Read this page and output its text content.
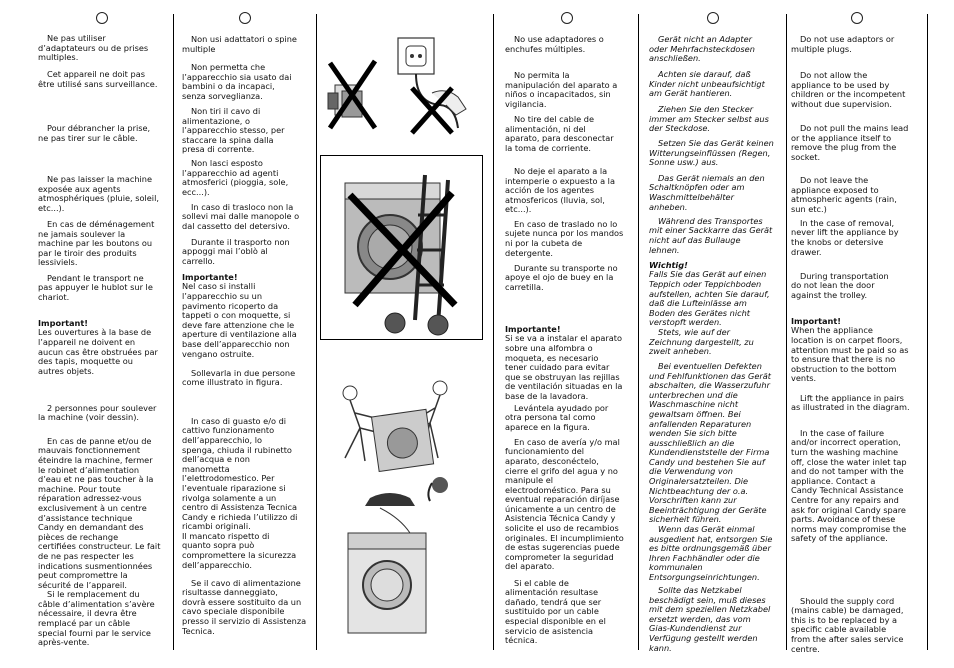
Ne pas utiliser
d’adaptateurs ou de prises
multiples.

Cet appareil ne doit pas
être utilisé sans surveillance.

Pour débrancher la prise,
ne pas tirer sur le câble.

Ne pas laisser la machine
exposée aux agents
atmosphériques (pluie, soleil,
etc...).

En cas de déménagement
ne jamais soulever la
machine par les boutons ou
par le tiroir des produits
lessiviels.

Pendant le transport ne
pas appuyer le hublot sur le
chariot.

Important!
Les ouvertures à la base de
l’appareil ne doivent en
aucun cas être obstruées par
des tapis, moquette ou
autres objets.

2 personnes pour soulever
la machine (voir dessin).

En cas de panne et/ou de
mauvais fonctionnement
éteindre la machine, fermer
le robinet d’alimentation
d’eau et ne pas toucher à la
machine. Pour toute
réparation adressez-vous
exclusivement à un centre
d’assistance technique
Candy en demandant des
pièces de rechange
certifiées constructeur. Le fait
de ne pas respecter les
indications susmentionnées
peut compromettre la
sécurité de l’appareil.

Si le remplacement du
câble d’alimentation s’avère
nécessaire, il devra être
remplacé par un câble
special fourni par le service
après-vente.

Non usi adattatori o spine
multiple

Non permetta che
l’apparecchio sia usato dai
bambini o da incapaci,
senza sorveglianza.

Non tiri il cavo di
alimentazione, o
l’apparecchio stesso, per
staccare la spina dalla
presa di corrente.

Non lasci esposto
l’apparecchio ad agenti
atmosferici (pioggia, sole,
ecc...).

In caso di trasloco non la
sollevi mai dalle manopole o
dal cassetto del detersivo.

Durante il trasporto non
appoggi mai l’oblò al
carrello.

Importante!
Nel caso si installi
l’apparecchio su un
pavimento ricoperto da
tappeti o con moquette, si
deve fare attenzione che le
aperture di ventilazione alla
base dell’apparecchio non
vengano ostruite.

Sollevarla in due persone
come illustrato in figura.

In caso di guasto e/o di
cattivo funzionamento
dell’apparecchio, lo
spenga, chiuda il rubinetto
dell’acqua e non
manometta
l’elettrodomestico. Per
l’eventuale riparazione si
rivolga solamente a un
centro di Assistenza Tecnica
Candy e richieda l’utilizzo di
ricambi originali.
Il mancato rispetto di
quanto sopra può
compromettere la sicurezza
dell’apparecchio.

Se il cavo di alimentazione
risultasse danneggiato,
dovrà essere sostituito da un
cavo speciale disponibile
presso il servizio di Assistenza
Tecnica.

No use adaptadores o
enchufes múltiples.

No permita la
manipulación del aparato a
niños o incapacitados, sin
vigilancia.

No tire del cable de
alimentación, ni del
aparato, para desconectar
la toma de corriente.

No deje el aparato a la
intemperie o expuesto a la
acción de los agentes
atmosfericos (lluvia, sol,
etc...).

En caso de traslado no lo
sujete nunca por los mandos
ni por la cubeta de
detergente.

Durante su transporte no
apoye el ojo de buey en la
carretilla.

Importante!
Si se va a instalar el aparato
sobre una alfombra o
moqueta, es necesario
tener cuidado para evitar
que se obstruyan las rejillas
de ventilación situadas en la
base de la lavadora.

Levántela ayudado por
otra persona tal como
aparece en la figura.

En caso de avería y/o mal
funcionamiento del
aparato, desconéctelo,
cierre el grifo del agua y no
manipule el
electrodoméstico. Para su
eventual reparación diríjase
únicamente a un centro de
Asistencia Técnica Candy y
solicite el uso de recambios
originales. El incumplimiento
de estas sugerencias puede
comprometer la seguridad
del aparato.

Si el cable de
alimentación resultase
dañado, tendrá que ser
sustituido por un cable
especial disponible en el
servicio de asistencia
técnica.

Gerät nicht an Adapter
oder Mehrfachsteckdosen
anschließen.

Achten sie darauf, daß
Kinder nicht unbeaufsichtigt
am Gerät hantieren.

Ziehen Sie den Stecker
immer am Stecker selbst aus
der Steckdose.

Setzen Sie das Gerät keinen
Witterungseinflüssen (Regen,
Sonne usw.) aus.

Das Gerät niemals an den
Schaltknöpfen oder am
Waschmittelbehälter
anheben.

Während des Transportes
mit einer Sackkarre das Gerät
nicht auf das Bullauge
lehnen.

Wichtig!
Falls Sie das Gerät auf einen
Teppich oder Teppichboden
aufstellen, achten Sie darauf,
daß die Luftеinlässe am
Boden des Gerätes nicht
verstopft werden.

Stets, wie auf der
Zeichnung dargestellt, zu
zweit anheben.

Bei eventuellen Defekten
und Fehlfunktionen das Gerät
abschalten, die Wasserzufuhr
unterbrechen und die
Waschmaschine nicht
gewaltsam öffnen. Bei
anfallenden Reparaturen
wenden Sie sich bitte
ausschließlich an die
Kundendienststelle der Firma
Candy und bestehen Sie auf
die Verwendung von
Originalersatzteilen. Die
Nichtbeachtung der o.a.
Vorschriften kann zur
Beeinträchtigung der Geräte
sicherheit führen.

Wenn das Gerät einmal
ausgedient hat, entsorgen Sie
es bitte ordnungsgemäß über
Ihren Fachhändler oder die
kommunalen
Entsorgungseinrichtungen.

Sollte das Netzkabel
beschädigt sein, muß dieses
mit dem speziellen Netzkabel
ersetzt werden, das vom
Gias-Kundendienst zur
Verfügung gestellt werden
kann.

Do not use adaptors or
multiple plugs.

Do not allow the
appliance to be used by
children or the incompetent
without due supervision.

Do not pull the mains lead
or the appliance itself to
remove the plug from the
socket.

Do not leave the
appliance exposed to
atmospheric agents (rain,
sun etc.)

In the case of removal,
never lift the appliance by
the knobs or detersive
drawer.

During transportation
do not lean the door
against the trolley.

Important!
When the appliance
location is on carpet floors,
attention must be paid so as
to ensure that there is no
obstruction to the bottom
vents.

Lift the appliance in pairs
as illustrated in the diagram.

In the case of failure
and/or incorrect operation,
turn the washing machine
off, close the water inlet tap
and do not tamper with the
appliance. Contact a
Candy Technical Assistance
Centre for any repairs and
ask for original Candy spare
parts. Avoidance of these
norms may compromise the
safety of the appliance.

Should the supply cord
(mains cable) be damaged,
this is to be replaced by a
specific cable available
from the after sales service
centre.
